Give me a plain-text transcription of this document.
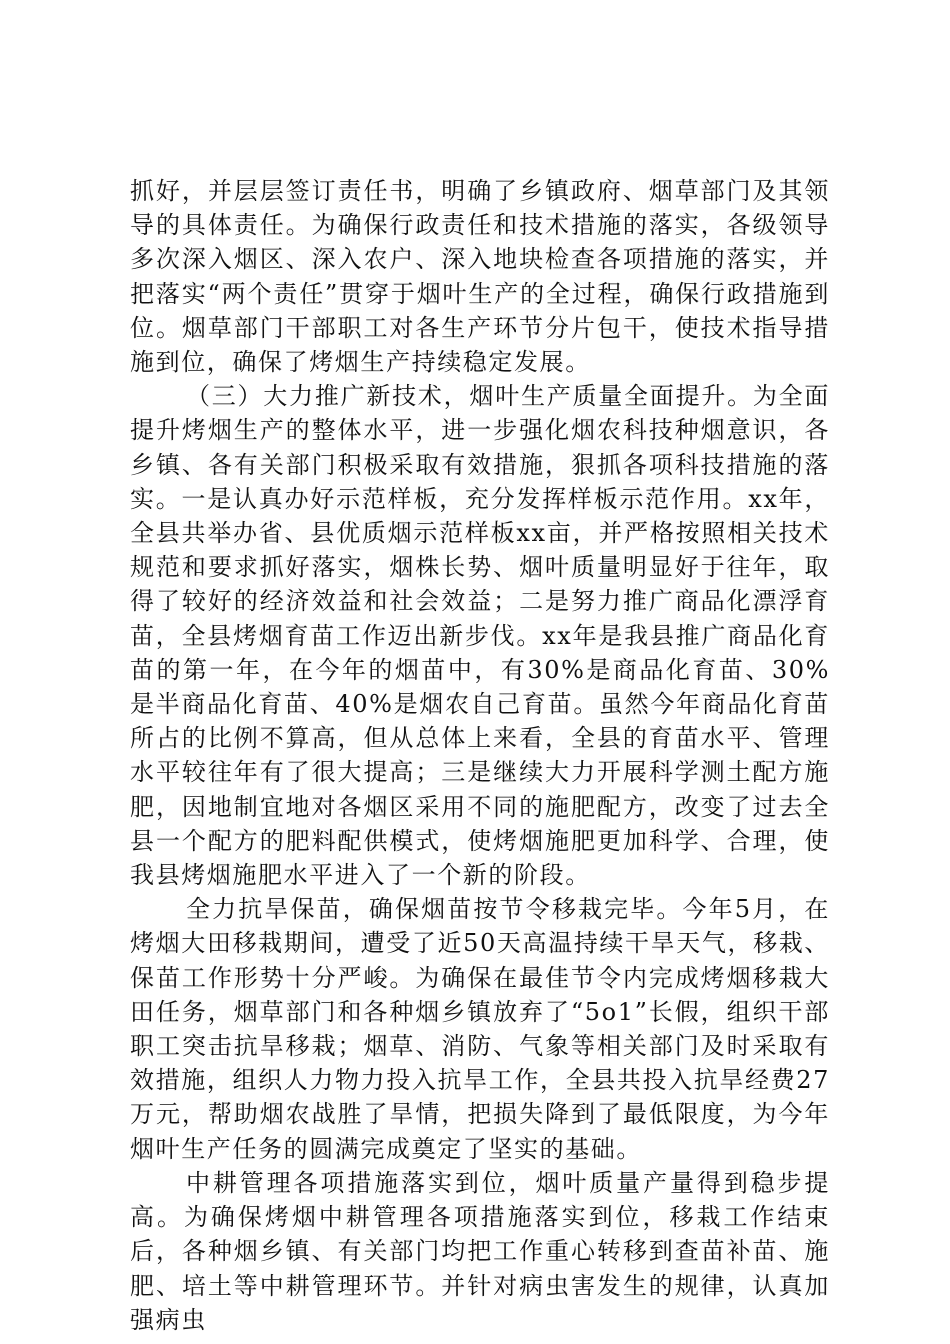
抓好，并层层签订责任书，明确了乡镇政府、烟草部门及其领导的具体责任。为确保行政责任和技术措施的落实，各级领导多次深入烟区、深入农户、深入地块检查各项措施的落实，并把落实“两个责任”贯穿于烟叶生产的全过程，确保行政措施到位。烟草部门干部职工对各生产环节分片包干，使技术指导措施到位，确保了烤烟生产持续稳定发展。

（三）大力推广新技术，烟叶生产质量全面提升。为全面提升烤烟生产的整体水平，进一步强化烟农科技种烟意识，各乡镇、各有关部门积极采取有效措施，狠抓各项科技措施的落实。一是认真办好示范样板，充分发挥样板示范作用。xx年，全县共举办省、县优质烟示范样板xx亩，并严格按照相关技术规范和要求抓好落实，烟株长势、烟叶质量明显好于往年，取得了较好的经济效益和社会效益；二是努力推广商品化漂浮育苗，全县烤烟育苗工作迈出新步伐。xx年是我县推广商品化育苗的第一年，在今年的烟苗中，有30%是商品化育苗、30%是半商品化育苗、40%是烟农自己育苗。虽然今年商品化育苗所占的比例不算高，但从总体上来看，全县的育苗水平、管理水平较往年有了很大提高；三是继续大力开展科学测土配方施肥，因地制宜地对各烟区采用不同的施肥配方，改变了过去全县一个配方的肥料配供模式，使烤烟施肥更加科学、合理，使我县烤烟施肥水平进入了一个新的阶段。

全力抗旱保苗，确保烟苗按节令移栽完毕。今年5月，在烤烟大田移栽期间，遭受了近50天高温持续干旱天气，移栽、保苗工作形势十分严峻。为确保在最佳节令内完成烤烟移栽大田任务，烟草部门和各种烟乡镇放弃了“5o1”长假，组织干部职工突击抗旱移栽；烟草、消防、气象等相关部门及时采取有效措施，组织人力物力投入抗旱工作，全县共投入抗旱经费27万元，帮助烟农战胜了旱情，把损失降到了最低限度，为今年烟叶生产任务的圆满完成奠定了坚实的基础。

中耕管理各项措施落实到位，烟叶质量产量得到稳步提高。为确保烤烟中耕管理各项措施落实到位，移栽工作结束后，各种烟乡镇、有关部门均把工作重心转移到查苗补苗、施肥、培土等中耕管理环节。并针对病虫害发生的规律，认真加强病虫
